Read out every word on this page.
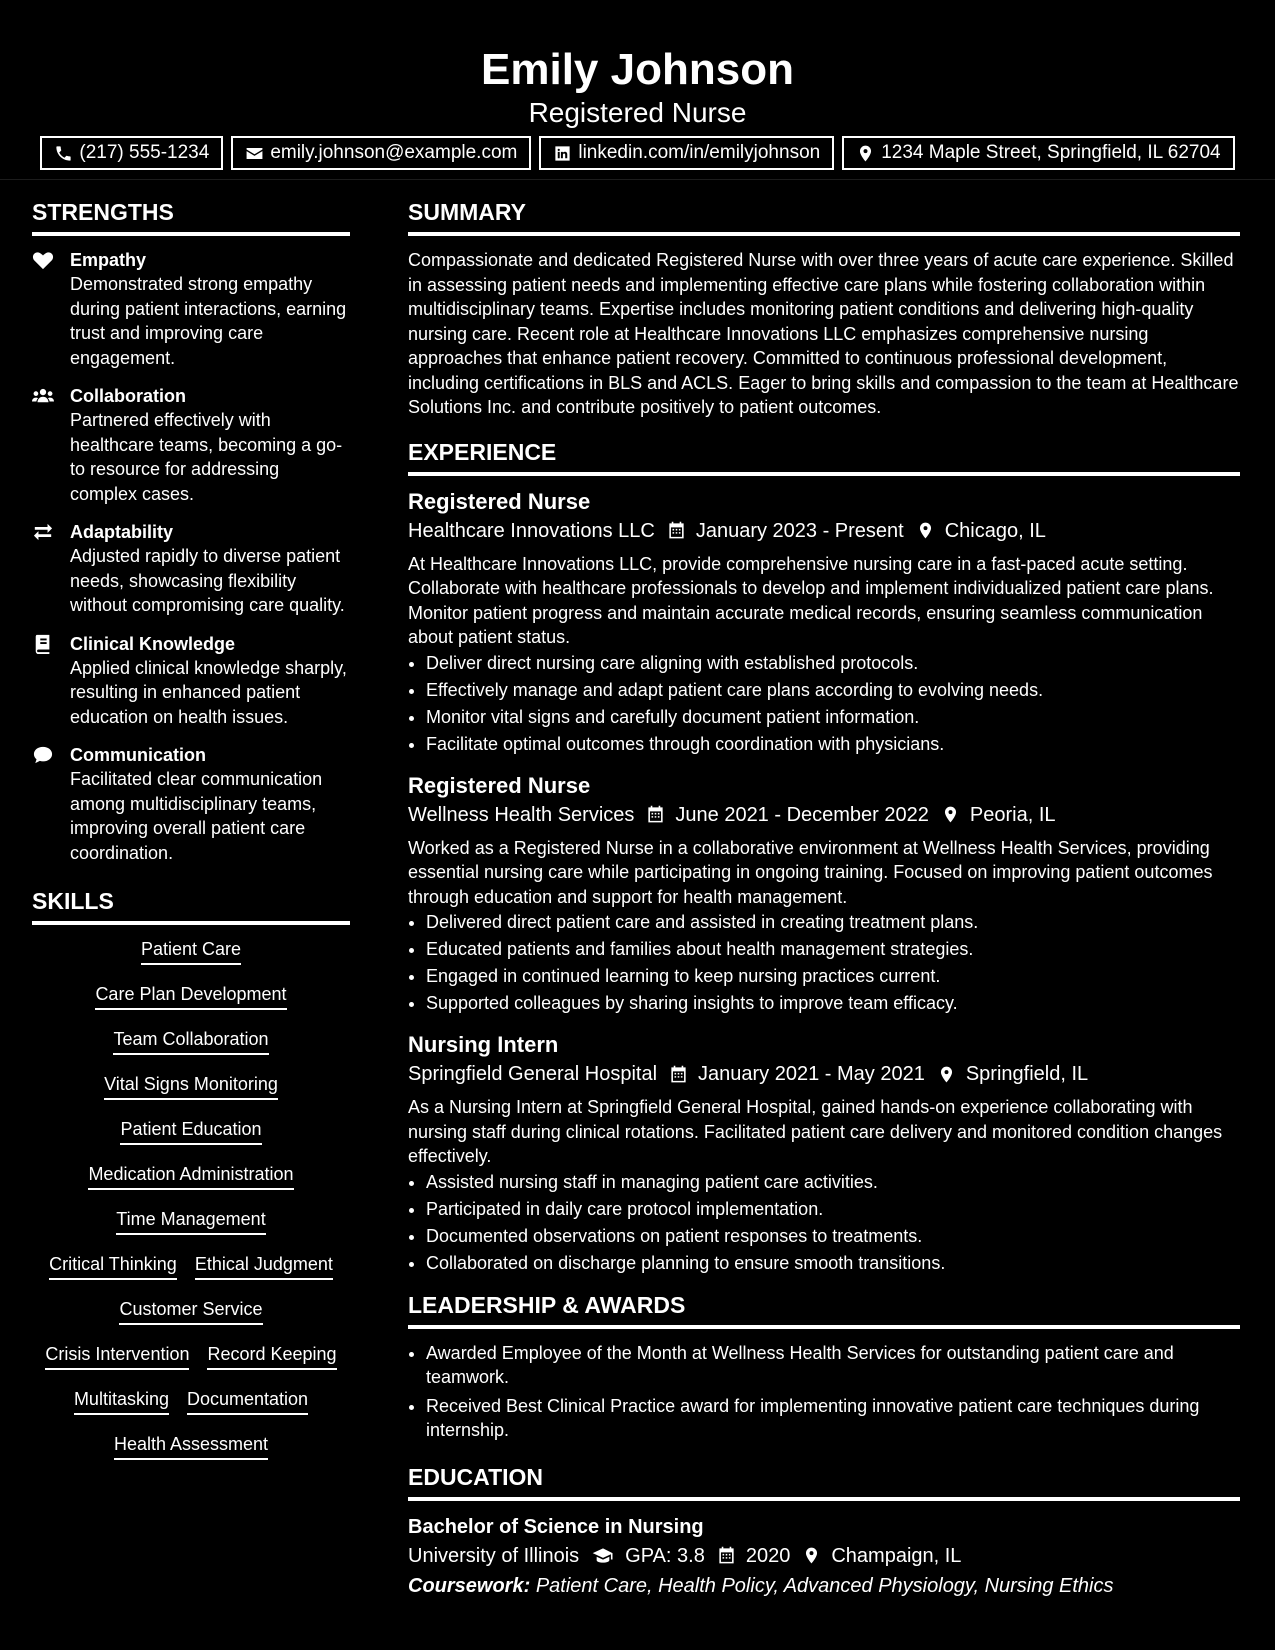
Emily Johnson
Registered Nurse
(217) 555-1234	emily.johnson@example.com	linkedin.com/in/emilyjohnson	1234 Maple Street, Springfield, IL 62704
STRENGTHS
Empathy
Demonstrated strong empathy during patient interactions, earning trust and improving care engagement.
Collaboration
Partnered effectively with healthcare teams, becoming a go-to resource for addressing complex cases.
Adaptability
Adjusted rapidly to diverse patient needs, showcasing flexibility without compromising care quality.
Clinical Knowledge
Applied clinical knowledge sharply, resulting in enhanced patient education on health issues.
Communication
Facilitated clear communication among multidisciplinary teams, improving overall patient care coordination.
SKILLS
Patient Care
Care Plan Development
Team Collaboration
Vital Signs Monitoring
Patient Education
Medication Administration
Time Management
Critical Thinking Ethical Judgment
Customer Service
Crisis Intervention Record Keeping
Multitasking Documentation
Health Assessment
SUMMARY
Compassionate and dedicated Registered Nurse with over three years of acute care experience. Skilled in assessing patient needs and implementing effective care plans while fostering collaboration within multidisciplinary teams. Expertise includes monitoring patient conditions and delivering high-quality nursing care. Recent role at Healthcare Innovations LLC emphasizes comprehensive nursing approaches that enhance patient recovery. Committed to continuous professional development, including certifications in BLS and ACLS. Eager to bring skills and compassion to the team at Healthcare Solutions Inc. and contribute positively to patient outcomes.
EXPERIENCE
Registered Nurse
Healthcare Innovations LLC January 2023 - Present Chicago, IL
At Healthcare Innovations LLC, provide comprehensive nursing care in a fast-paced acute setting. Collaborate with healthcare professionals to develop and implement individualized patient care plans. Monitor patient progress and maintain accurate medical records, ensuring seamless communication about patient status.
• Deliver direct nursing care aligning with established protocols.
• Effectively manage and adapt patient care plans according to evolving needs.
• Monitor vital signs and carefully document patient information.
• Facilitate optimal outcomes through coordination with physicians.
Registered Nurse
Wellness Health Services June 2021 - December 2022 Peoria, IL
Worked as a Registered Nurse in a collaborative environment at Wellness Health Services, providing essential nursing care while participating in ongoing training. Focused on improving patient outcomes through education and support for health management.
• Delivered direct patient care and assisted in creating treatment plans.
• Educated patients and families about health management strategies.
• Engaged in continued learning to keep nursing practices current.
• Supported colleagues by sharing insights to improve team efficacy.
Nursing Intern
Springfield General Hospital January 2021 - May 2021 Springfield, IL
As a Nursing Intern at Springfield General Hospital, gained hands-on experience collaborating with nursing staff during clinical rotations. Facilitated patient care delivery and monitored condition changes effectively.
• Assisted nursing staff in managing patient care activities.
• Participated in daily care protocol implementation.
• Documented observations on patient responses to treatments.
• Collaborated on discharge planning to ensure smooth transitions.
LEADERSHIP & AWARDS
• Awarded Employee of the Month at Wellness Health Services for outstanding patient care and teamwork.
• Received Best Clinical Practice award for implementing innovative patient care techniques during internship.
EDUCATION
Bachelor of Science in Nursing
University of Illinois GPA: 3.8 2020 Champaign, IL
Coursework: Patient Care, Health Policy, Advanced Physiology, Nursing Ethics
